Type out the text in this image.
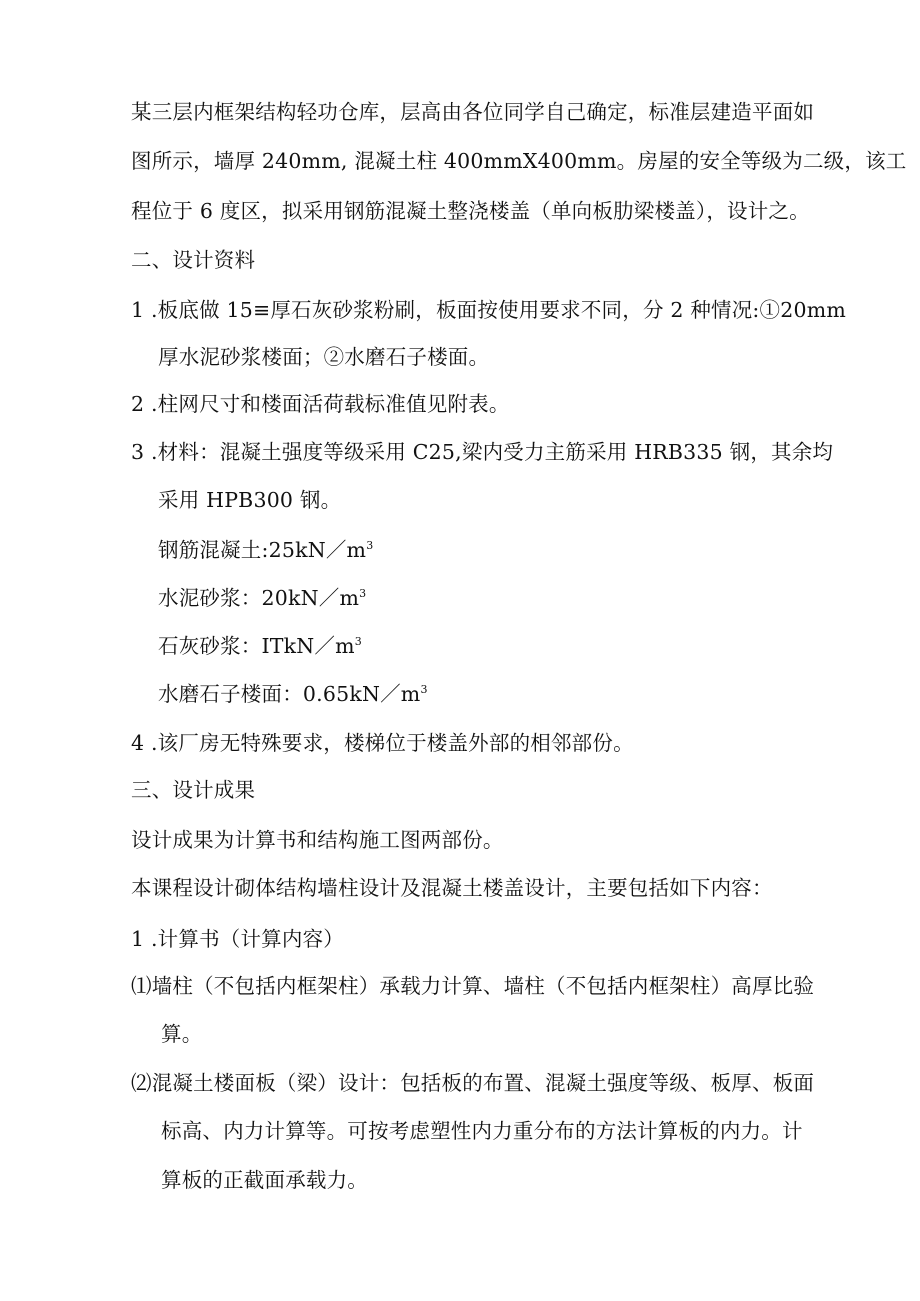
某三层内框架结构轻功仓库，层高由各位同学自己确定，标准层建造平面如
图所示，墙厚 240mm, 混凝土柱 400mmX400mm。房屋的安全等级为二级，该工
程位于 6 度区，拟采用钢筋混凝土整浇楼盖（单向板肋梁楼盖），设计之。
二、设计资料
1 .板底做 15≡厚石灰砂浆粉刷，板面按使用要求不同，分 2 种情况:①20mm
厚水泥砂浆楼面；②水磨石子楼面。
2 .柱网尺寸和楼面活荷载标准值见附表。
3 .材料：混凝土强度等级采用 C25,梁内受力主筋采用 HRB335 钢，其余均
采用 HPB300 钢。
钢筋混凝土$:25kN/m^3$
水泥砂浆：$20kN/m^3$
石灰砂浆：$ITkN/m^3$
水磨石子楼面：$0.65kN/m^3$
4 .该厂房无特殊要求，楼梯位于楼盖外部的相邻部份。
三、设计成果
设计成果为计算书和结构施工图两部份。
本课程设计砌体结构墙柱设计及混凝土楼盖设计，主要包括如下内容：
1 .计算书（计算内容）
⑴墙柱（不包括内框架柱）承载力计算、墙柱（不包括内框架柱）高厚比验
算。
⑵混凝土楼面板（梁）设计：包括板的布置、混凝土强度等级、板厚、板面
标高、内力计算等。可按考虑塑性内力重分布的方法计算板的内力。计
算板的正截面承载力。
